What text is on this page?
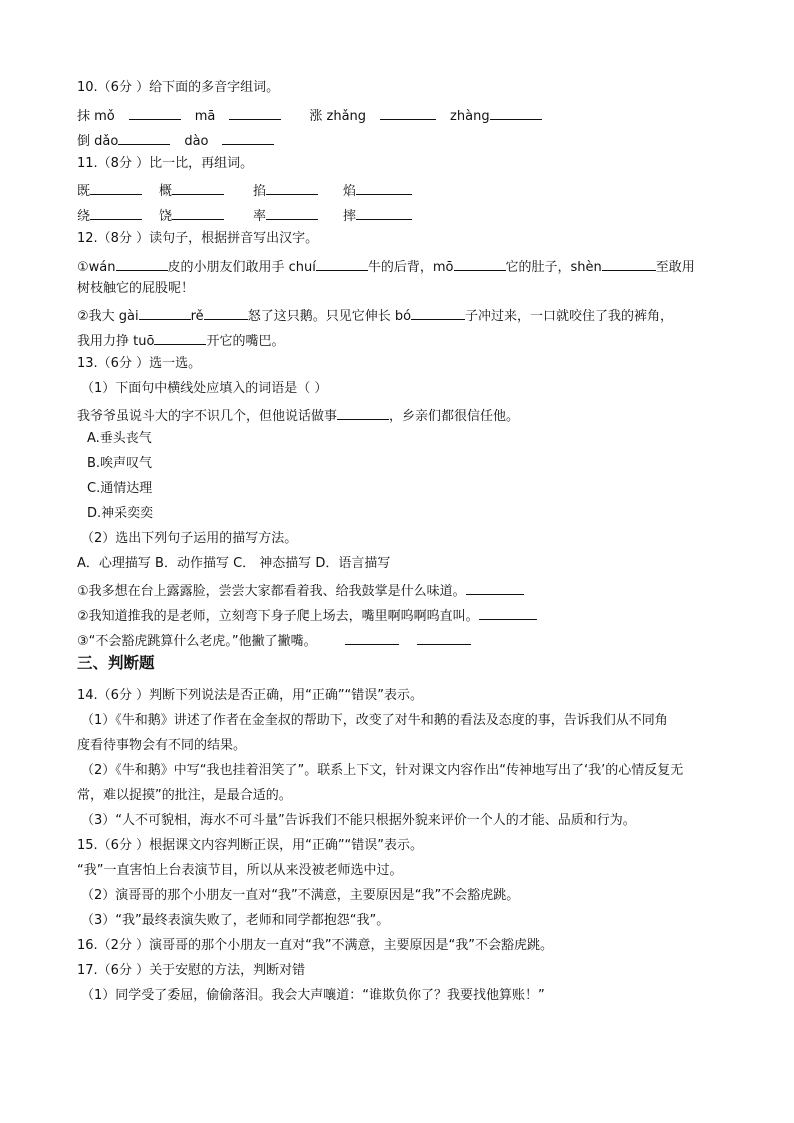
10.（6分 ）给下面的多音字组词。
抹 mǒ	mā	涨 zhǎng	zhàng
倒 dǎo	dào
11.（8分 ）比一比，再组词。
既	概	掐	焰
绕	饶	率	摔
12.（8分 ）读句子，根据拼音写出汉字。
①wán	皮的小朋友们敢用手 chuí	牛的后背，mō	它的肚子，shèn	至敢用
树枝触它的屁股呢！
②我大 gài	rě	怒了这只鹅。只见它伸长 bó	子冲过来，一口就咬住了我的裤角，
我用力挣 tuō	开它的嘴巴。
13.（6分 ）选一选。
（1）下面句中横线处应填入的词语是（ ）
我爷爷虽说斗大的字不识几个，但他说话做事	，乡亲们都很信任他。
A.垂头丧气
B.唉声叹气
C.通情达理
D.神采奕奕
（2）选出下列句子运用的描写方法。
A．心理描写 B．动作描写 C． 神态描写 D．语言描写
①我多想在台上露露脸，尝尝大家都看着我、给我鼓掌是什么味道。
②我知道推我的是老师，立刻弯下身子爬上场去，嘴里啊呜啊呜直叫。
③“不会豁虎跳算什么老虎。”他撇了撇嘴。
三、判断题
14.（6分 ）判断下列说法是否正确，用“正确”“错误”表示。
（1）《牛和鹅》讲述了作者在金奎叔的帮助下，改变了对牛和鹅的看法及态度的事，告诉我们从不同角
度看待事物会有不同的结果。
（2）《牛和鹅》中写“我也挂着泪笑了”。联系上下文，针对课文内容作出“传神地写出了‘我’的心情反复无
常，难以捉摸”的批注，是最合适的。
（3）“人不可貌相，海水不可斗量”告诉我们不能只根据外貌来评价一个人的才能、品质和行为。
15.（6分 ）根据课文内容判断正误，用“正确”“错误”表示。
“我”一直害怕上台表演节目，所以从来没被老师选中过。
（2）演哥哥的那个小朋友一直对“我”不满意，主要原因是“我”不会豁虎跳。
（3）“我”最终表演失败了，老师和同学都抱怨“我”。
16.（2分 ）演哥哥的那个小朋友一直对“我”不满意，主要原因是“我”不会豁虎跳。
17.（6分 ）关于安慰的方法，判断对错
（1）同学受了委屈，偷偷落泪。我会大声嚷道：“谁欺负你了？我要找他算账！”
